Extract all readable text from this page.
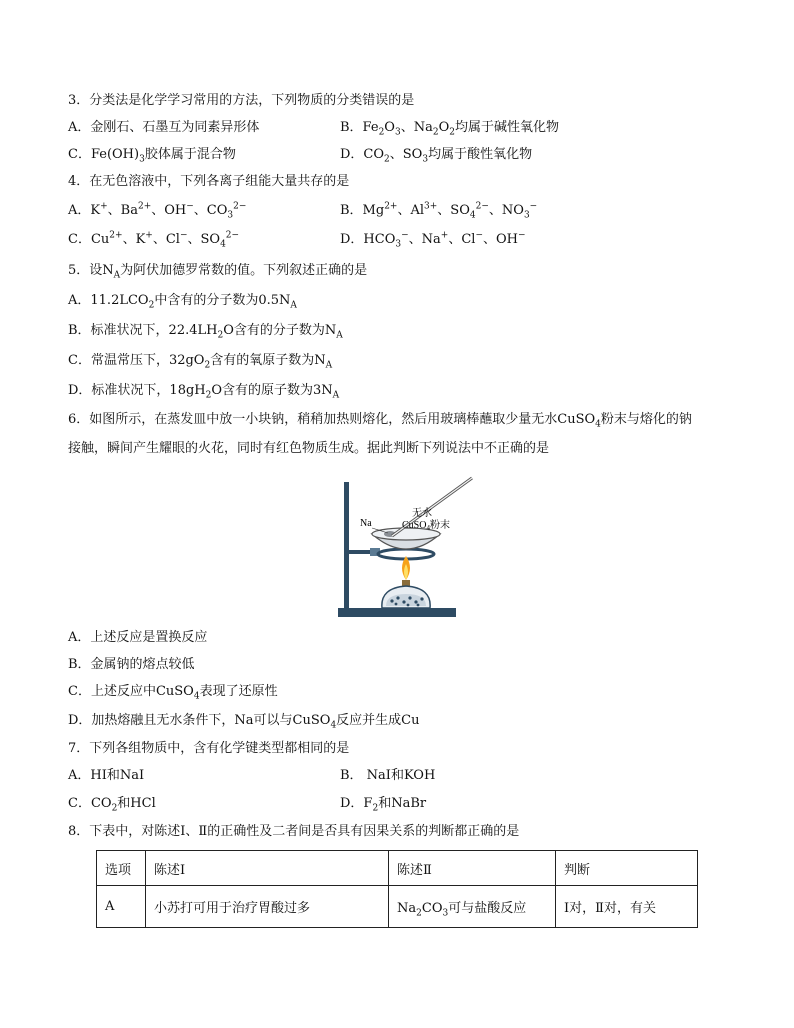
3．分类法是化学学习常用的方法，下列物质的分类错误的是
A．金刚石、石墨互为同素异形体	B．$Fe_2O_3$、$Na_2O_2$均属于碱性氧化物
C．$Fe(OH)_3$胶体属于混合物	D．$CO_2$、$SO_3$均属于酸性氧化物
4．在无色溶液中，下列各离子组能大量共存的是
A．K+、$Ba^{2+}$、OH−、$CO_3^{2-}$	B．$Mg^{2+}$、$Al^{3+}$、$SO_4^{2-}$、$NO_3^-$
C．$Cu^{2+}$、K+、Cl−、$SO_4^{2-}$	D．$HCO_3^-$、Na+、Cl−、OH−
5．设$N_A$为阿伏加德罗常数的值。下列叙述正确的是
A．$11.2LCO_2$中含有的分子数为$0.5N_A$
B．标准状况下，$22.4LH_2O$含有的分子数为$N_A$
C．常温常压下，$32gO_2$含有的氧原子数为$N_A$
D．标准状况下，$18gH_2O$含有的原子数为$3N_A$
6．如图所示，在蒸发皿中放一小块钠，稍稍加热则熔化，然后用玻璃棒蘸取少量无水CuSO$_4$粉末与熔化的钠
接触，瞬间产生耀眼的火花，同时有红色物质生成。据此判断下列说法中不正确的是
Na
无水
CuSO$_4$粉末
A．上述反应是置换反应
B．金属钠的熔点较低
C．上述反应中CuSO$_4$表现了还原性
D．加热熔融且无水条件下，Na可以与CuSO$_4$反应并生成Cu
7．下列各组物质中，含有化学键类型都相同的是
A．HI和NaI	B． NaI和KOH
C．$CO_2$和HCl	D．$F_2$和NaBr
8．下表中，对陈述Ⅰ、Ⅱ的正确性及二者间是否具有因果关系的判断都正确的是
选项	陈述Ⅰ	陈述Ⅱ	判断
A	小苏打可用于治疗胃酸过多	$Na_2CO_3$可与盐酸反应	Ⅰ对，Ⅱ对，有关
